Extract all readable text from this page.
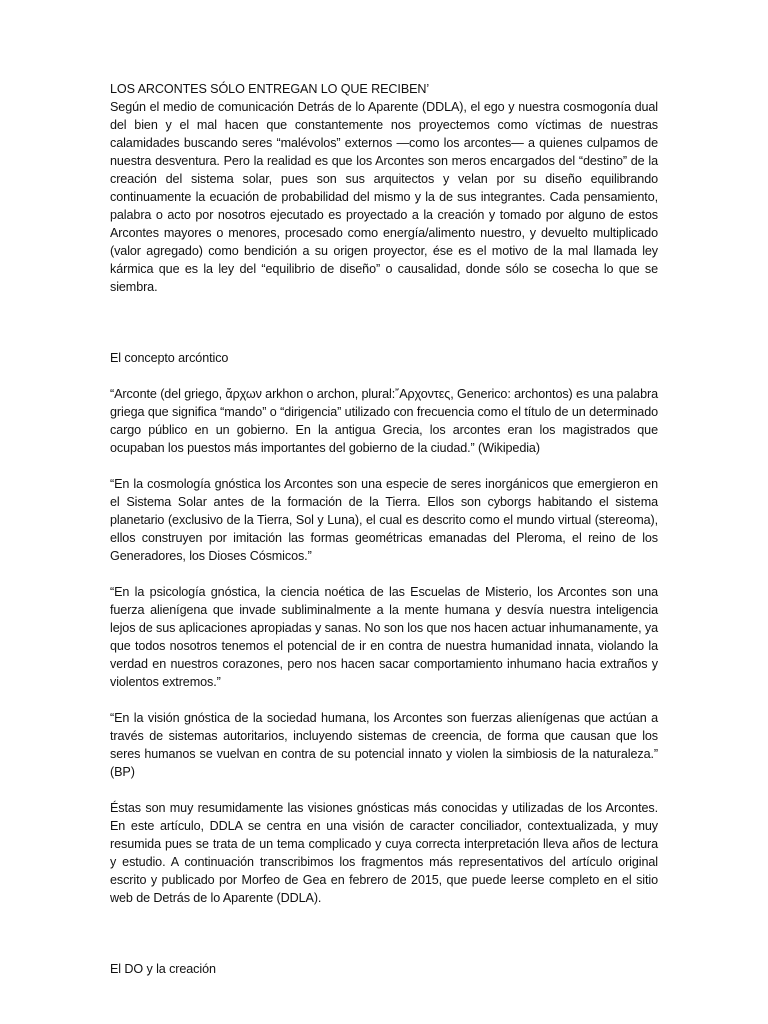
LOS ARCONTES SÓLO ENTREGAN LO QUE RECIBEN’

Según el medio de comunicación Detrás de lo Aparente (DDLA), el ego y nuestra cosmogonía dual del bien y el mal hacen que constantemente nos proyectemos como víctimas de nuestras calamidades buscando seres “malévolos” externos —como los arcontes— a quienes culpamos de nuestra desventura. Pero la realidad es que los Arcontes son meros encargados del “destino” de la creación del sistema solar, pues son sus arquitectos y velan por su diseño equilibrando continuamente la ecuación de probabilidad del mismo y la de sus integrantes. Cada pensamiento, palabra o acto por nosotros ejecutado es proyectado a la creación y tomado por alguno de estos Arcontes mayores o menores, procesado como energía/alimento nuestro, y devuelto multiplicado (valor agregado) como bendición a su origen proyector, ése es el motivo de la mal llamada ley kármica que es la ley del “equilibrio de diseño” o causalidad, donde sólo se cosecha lo que se siembra.

El concepto arcóntico

“Arconte (del griego, ἄρχων arkhon o archon, plural:῎Αρχοντες, Generico: archontos) es una palabra griega que significa “mando” o “dirigencia” utilizado con frecuencia como el título de un determinado cargo público en un gobierno. En la antigua Grecia, los arcontes eran los magistrados que ocupaban los puestos más importantes del gobierno de la ciudad.” (Wikipedia)

“En la cosmología gnóstica los Arcontes son una especie de seres inorgánicos que emergieron en el Sistema Solar antes de la formación de la Tierra. Ellos son cyborgs habitando el sistema planetario (exclusivo de la Tierra, Sol y Luna), el cual es descrito como el mundo virtual (stereoma), ellos construyen por imitación las formas geométricas emanadas del Pleroma, el reino de los Generadores, los Dioses Cósmicos.”

“En la psicología gnóstica, la ciencia noética de las Escuelas de Misterio, los Arcontes son una fuerza alienígena que invade subliminalmente a la mente humana y desvía nuestra inteligencia lejos de sus aplicaciones apropiadas y sanas. No son los que nos hacen actuar inhumanamente, ya que todos nosotros tenemos el potencial de ir en contra de nuestra humanidad innata, violando la verdad en nuestros corazones, pero nos hacen sacar comportamiento inhumano hacia extraños y violentos extremos.”

“En la visión gnóstica de la sociedad humana, los Arcontes son fuerzas alienígenas que actúan a través de sistemas autoritarios, incluyendo sistemas de creencia, de forma que causan que los seres humanos se vuelvan en contra de su potencial innato y violen la simbiosis de la naturaleza.” (BP)

Éstas son muy resumidamente las visiones gnósticas más conocidas y utilizadas de los Arcontes. En este artículo, DDLA se centra en una visión de caracter conciliador, contextualizada, y muy resumida pues se trata de un tema complicado y cuya correcta interpretación lleva años de lectura y estudio. A continuación transcribimos los fragmentos más representativos del artículo original escrito y publicado por Morfeo de Gea en febrero de 2015, que puede leerse completo en el sitio web de Detrás de lo Aparente (DDLA).

El DO y la creación
